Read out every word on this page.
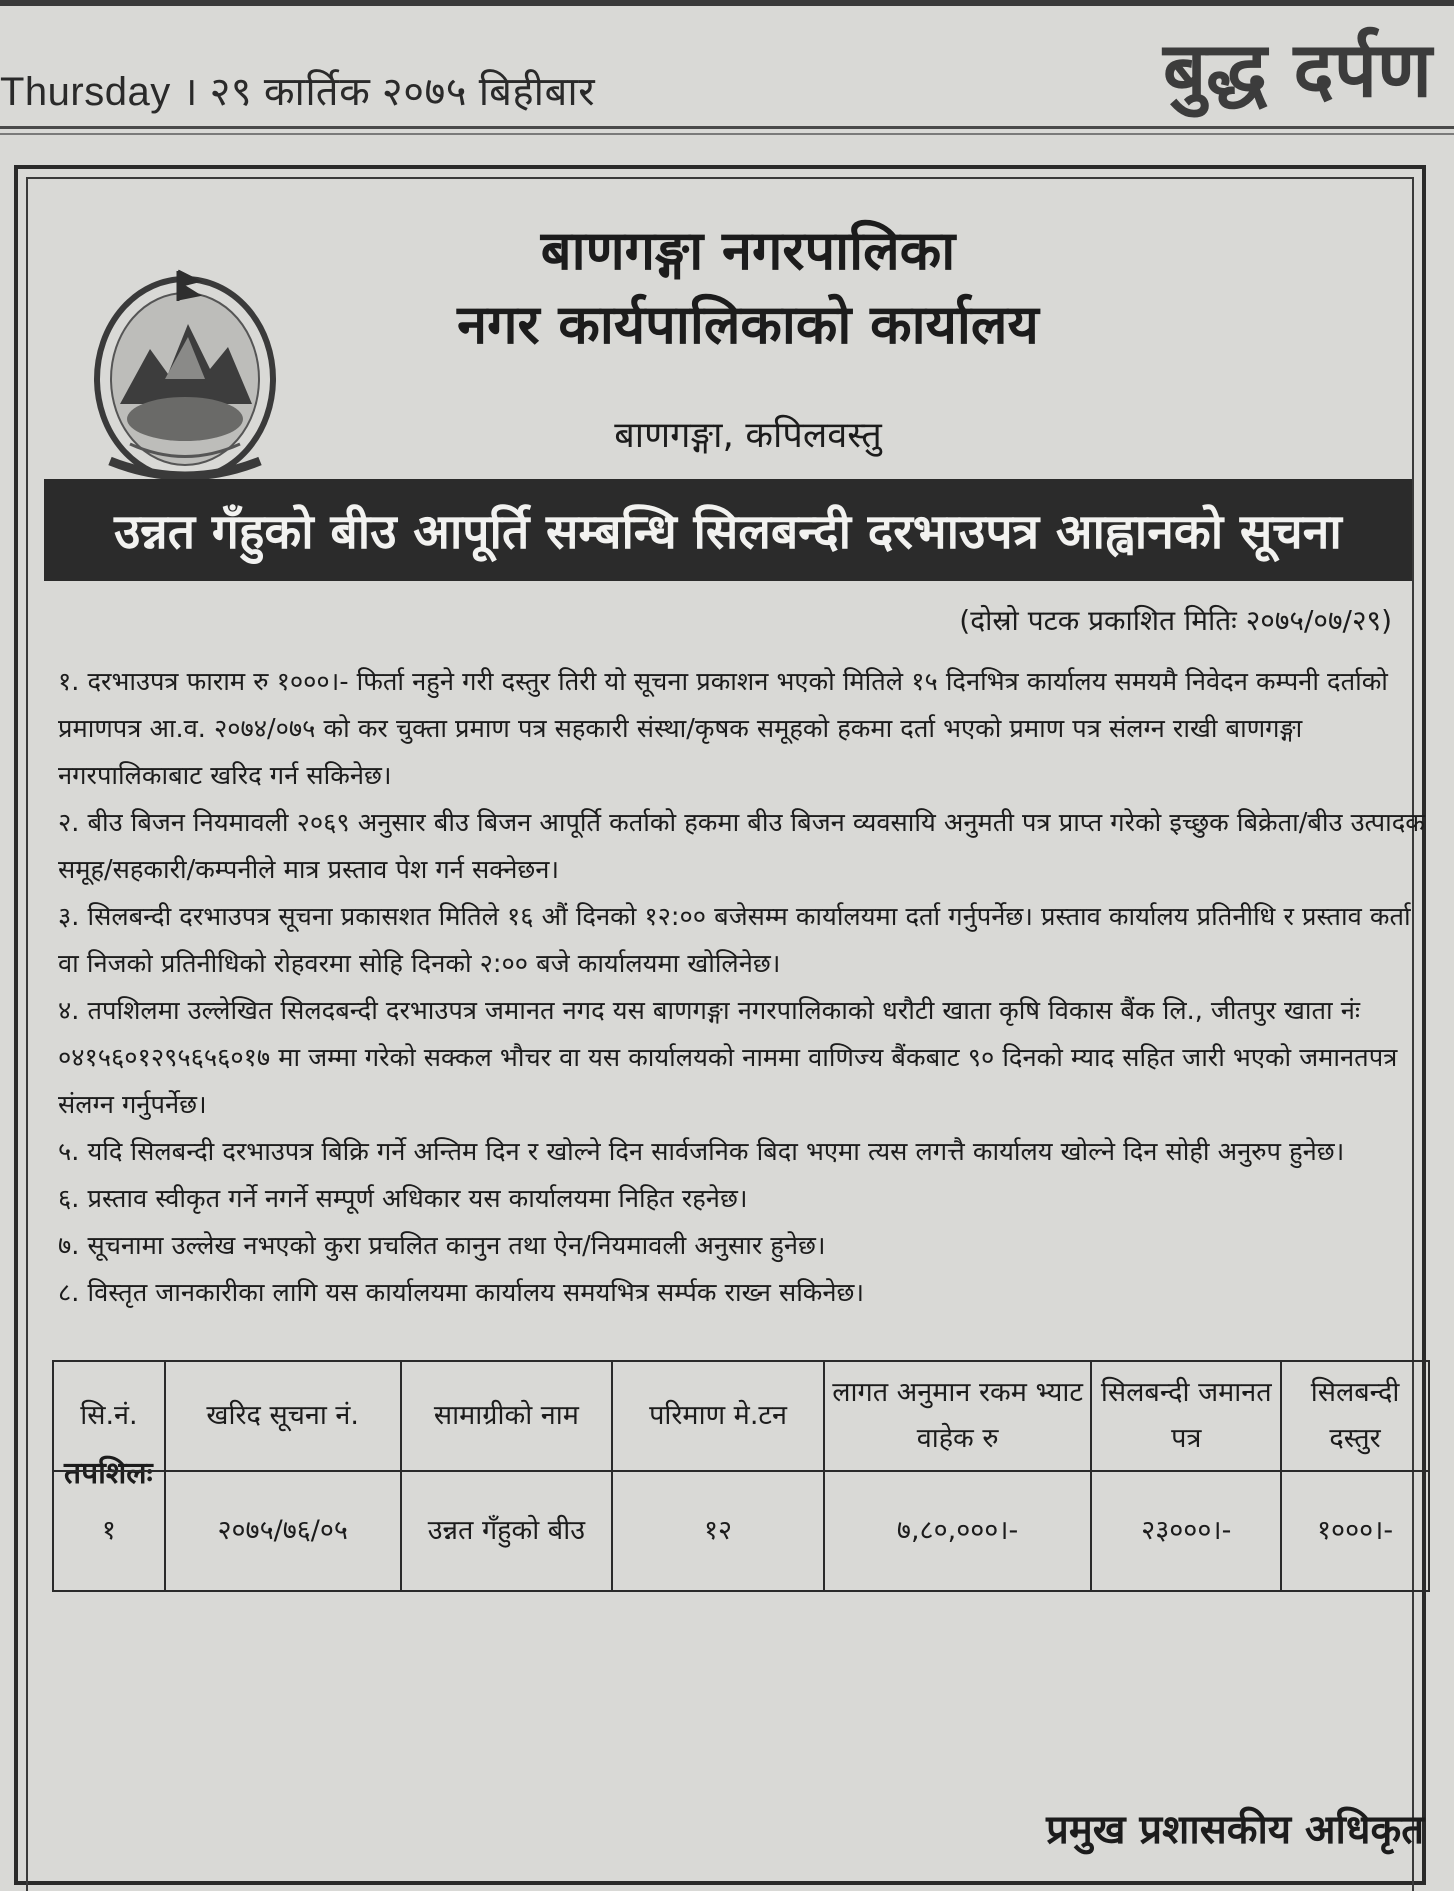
Thursday । २९ कार्तिक २०७५ बिहीबार	बुद्ध दर्पण
बाणगङ्गा नगरपालिका
नगर कार्यपालिकाको कार्यालय
बाणगङ्गा, कपिलवस्तु
उन्नत गँहुको बीउ आपूर्ति सम्बन्धि सिलबन्दी दरभाउपत्र आह्वानको सूचना
(दोस्रो पटक प्रकाशित मितिः २०७५/०७/२९)

१. दरभाउपत्र फाराम रु १०००।- फिर्ता नहुने गरी दस्तुर तिरी यो सूचना प्रकाशन भएको मितिले १५ दिनभित्र कार्यालय समयमै निवेदन कम्पनी दर्ताको प्रमाणपत्र आ.व. २०७४/०७५ को कर चुक्ता प्रमाण पत्र सहकारी संस्था/कृषक समूहको हकमा दर्ता भएको प्रमाण पत्र संलग्न राखी बाणगङ्गा नगरपालिकाबाट खरिद गर्न सकिनेछ।

२. बीउ बिजन नियमावली २०६९ अनुसार बीउ बिजन आपूर्ति कर्ताको हकमा बीउ बिजन व्यवसायि अनुमती पत्र प्राप्त गरेको इच्छुक बिक्रेता/बीउ उत्पादक समूह/सहकारी/कम्पनीले मात्र प्रस्ताव पेश गर्न सक्नेछन।

३. सिलबन्दी दरभाउपत्र सूचना प्रकासशत मितिले १६ औं दिनको १२:०० बजेसम्म कार्यालयमा दर्ता गर्नुपर्नेछ। प्रस्ताव कार्यालय प्रतिनीधि र प्रस्ताव कर्ता वा निजको प्रतिनीधिको रोहवरमा सोहि दिनको २:०० बजे कार्यालयमा खोलिनेछ।

४. तपशिलमा उल्लेखित सिलदबन्दी दरभाउपत्र जमानत नगद यस बाणगङ्गा नगरपालिकाको धरौटी खाता कृषि विकास बैंक लि., जीतपुर खाता नंः ०४१५६०१२९५६५६०१७ मा जम्मा गरेको सक्कल भौचर वा यस कार्यालयको नाममा वाणिज्य बैंकबाट ९० दिनको म्याद सहित जारी भएको जमानतपत्र संलग्न गर्नुपर्नेछ।

५. यदि सिलबन्दी दरभाउपत्र बिक्रि गर्ने अन्तिम दिन र खोल्ने दिन सार्वजनिक बिदा भएमा त्यस लगत्तै कार्यालय खोल्ने दिन सोही अनुरुप हुनेछ।

६. प्रस्ताव स्वीकृत गर्ने नगर्ने सम्पूर्ण अधिकार यस कार्यालयमा निहित रहनेछ।

७. सूचनामा उल्लेख नभएको कुरा प्रचलित कानुन तथा ऐन/नियमावली अनुसार हुनेछ।

८. विस्तृत जानकारीका लागि यस कार्यालयमा कार्यालय समयभित्र सर्म्पक राख्न सकिनेछ।

तपशिलः
सि.नं.	खरिद सूचना नं.	सामाग्रीको नाम	परिमाण मे.टन	लागत अनुमान रकम भ्याट वाहेक रु	सिलबन्दी जमानत पत्र	सिलबन्दी दस्तुर
१	२०७५/७६/०५	उन्नत गँहुको बीउ	१२	७,८०,०००।-	२३०००।-	१०००।-
प्रमुख प्रशासकीय अधिकृत
